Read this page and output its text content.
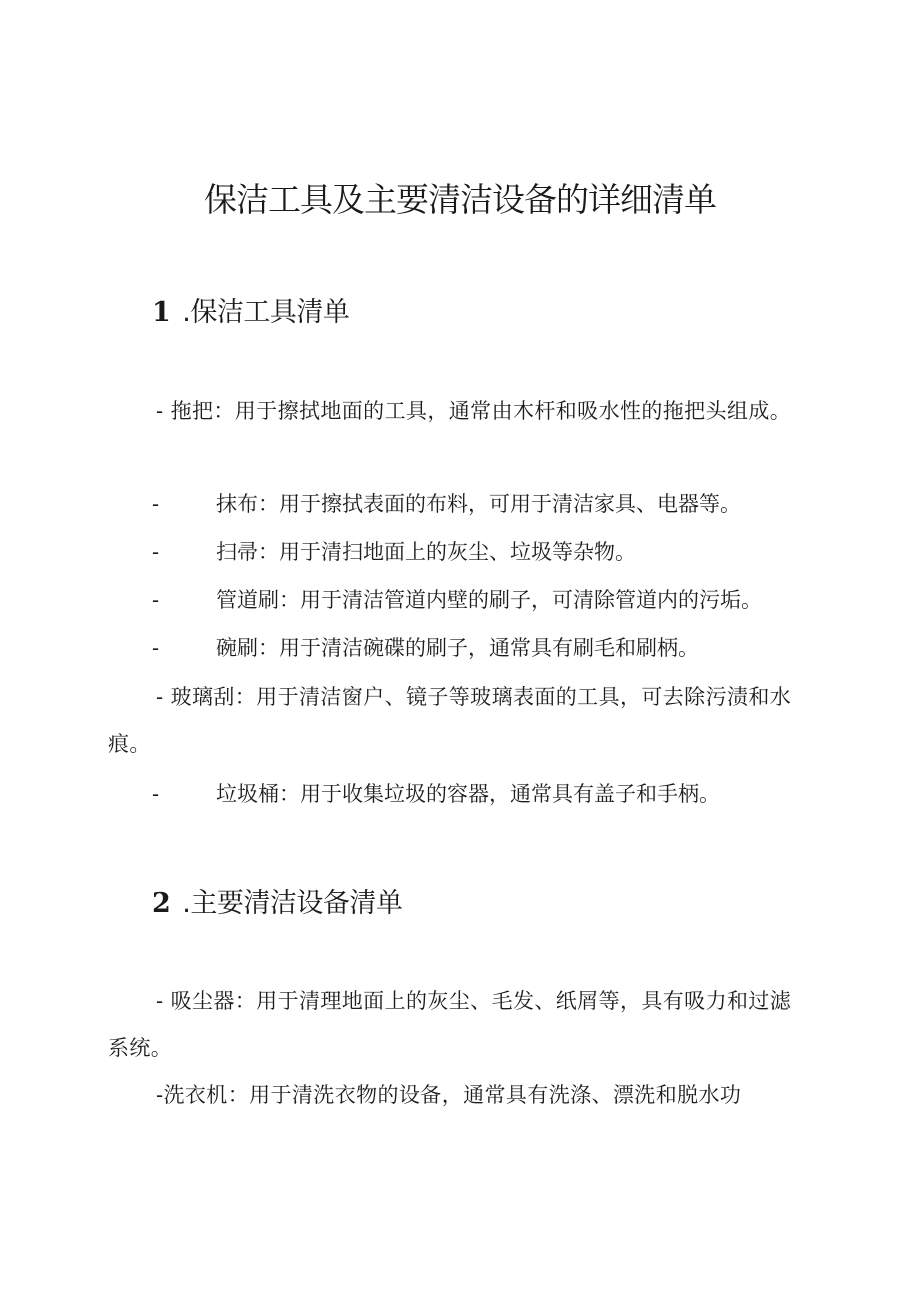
保洁工具及主要清洁设备的详细清单
1 .保洁工具清单

- 拖把：用于擦拭地面的工具，通常由木杆和吸水性的拖把头组成。

-	抹布：用于擦拭表面的布料，可用于清洁家具、电器等。

-	扫帚：用于清扫地面上的灰尘、垃圾等杂物。

-	管道刷：用于清洁管道内壁的刷子，可清除管道内的污垢。

-	碗刷：用于清洁碗碟的刷子，通常具有刷毛和刷柄。

- 玻璃刮：用于清洁窗户、镜子等玻璃表面的工具，可去除污渍和水痕。

-	垃圾桶：用于收集垃圾的容器，通常具有盖子和手柄。

2 .主要清洁设备清单

- 吸尘器：用于清理地面上的灰尘、毛发、纸屑等，具有吸力和过滤系统。

-洗衣机：用于清洗衣物的设备，通常具有洗涤、漂洗和脱水功
